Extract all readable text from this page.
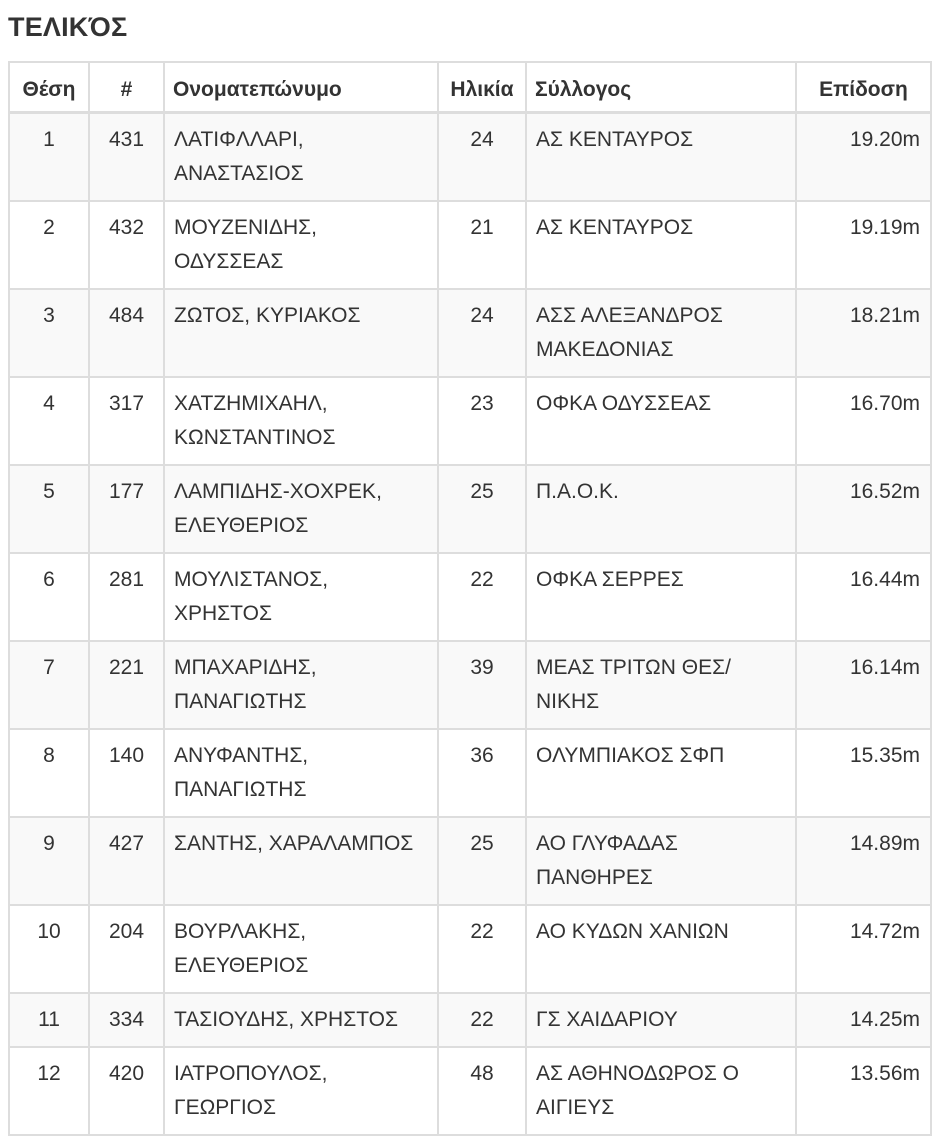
ΤΕΛΙΚΌΣ
Θέση	#	Ονοματεπώνυμο	Ηλικία	Σύλλογος	Επίδοση
1	431	ΛΑΤΙΦΛΛΑΡΙ, ΑΝΑΣΤΑΣΙΟΣ	24	ΑΣ ΚΕΝΤΑΥΡΟΣ	19.20m
2	432	ΜΟΥΖΕΝΙΔΗΣ, ΟΔΥΣΣΕΑΣ	21	ΑΣ ΚΕΝΤΑΥΡΟΣ	19.19m
3	484	ΖΩΤΟΣ, ΚΥΡΙΑΚΟΣ	24	ΑΣΣ ΑΛΕΞΑΝΔΡΟΣ ΜΑΚΕΔΟΝΙΑΣ	18.21m
4	317	ΧΑΤΖΗΜΙΧΑΗΛ, ΚΩΝΣΤΑΝΤΙΝΟΣ	23	ΟΦΚΑ ΟΔΥΣΣΕΑΣ	16.70m
5	177	ΛΑΜΠΙΔΗΣ-ΧΟΧΡΕΚ, ΕΛΕΥΘΕΡΙΟΣ	25	Π.Α.Ο.Κ.	16.52m
6	281	ΜΟΥΛΙΣΤΑΝΟΣ, ΧΡΗΣΤΟΣ	22	ΟΦΚΑ ΣΕΡΡΕΣ	16.44m
7	221	ΜΠΑΧΑΡΙΔΗΣ, ΠΑΝΑΓΙΩΤΗΣ	39	ΜΕΑΣ ΤΡΙΤΩΝ ΘΕΣ/ΝΙΚΗΣ	16.14m
8	140	ΑΝΥΦΑΝΤΗΣ, ΠΑΝΑΓΙΩΤΗΣ	36	ΟΛΥΜΠΙΑΚΟΣ ΣΦΠ	15.35m
9	427	ΣΑΝΤΗΣ, ΧΑΡΑΛΑΜΠΟΣ	25	ΑΟ ΓΛΥΦΑΔΑΣ ΠΑΝΘΗΡΕΣ	14.89m
10	204	ΒΟΥΡΛΑΚΗΣ, ΕΛΕΥΘΕΡΙΟΣ	22	ΑΟ ΚΥΔΩΝ ΧΑΝΙΩΝ	14.72m
11	334	ΤΑΣΙΟΥΔΗΣ, ΧΡΗΣΤΟΣ	22	ΓΣ ΧΑΙΔΑΡΙΟΥ	14.25m
12	420	ΙΑΤΡΟΠΟΥΛΟΣ, ΓΕΩΡΓΙΟΣ	48	ΑΣ ΑΘΗΝΟΔΩΡΟΣ Ο ΑΙΓΙΕΥΣ	13.56m
